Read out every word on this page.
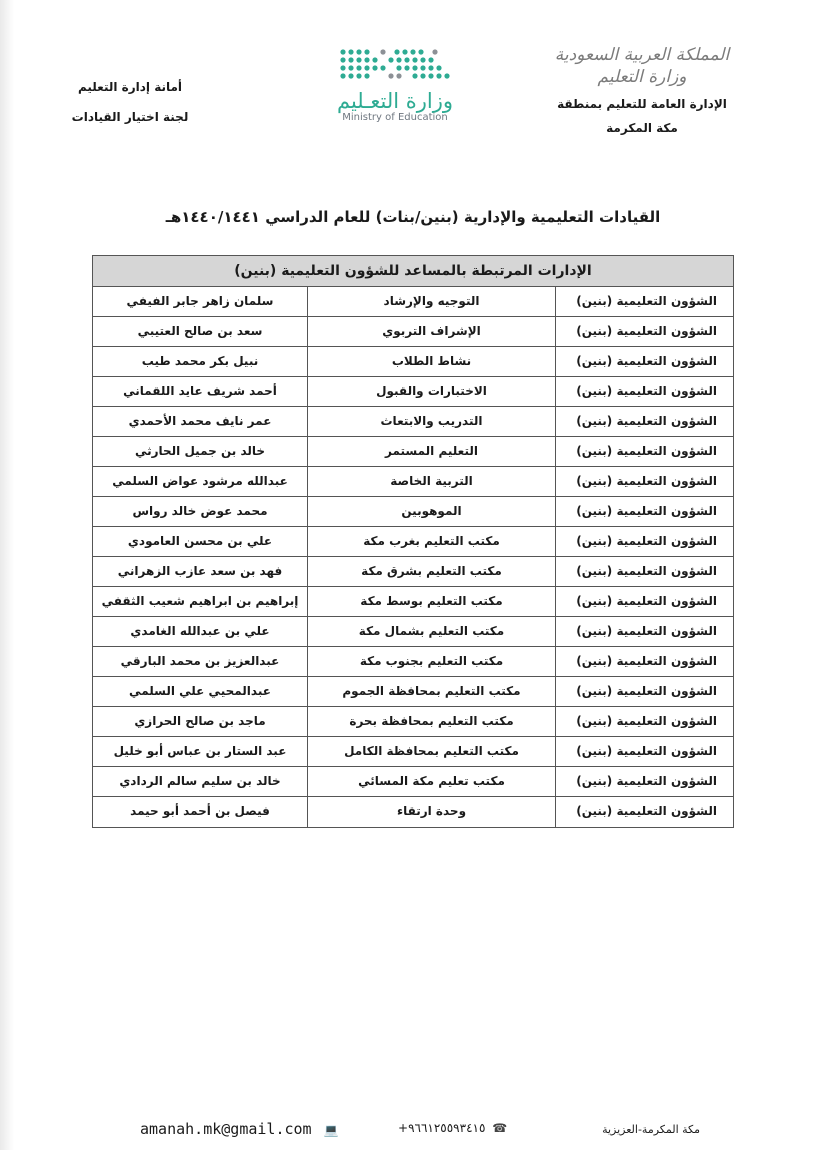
المملكة العربية السعودية
وزارة التعليم
الإدارة العامة للتعليم بمنطقة
مكة المكرمة
وزارة التعـليم
Ministry of Education
أمانة إدارة التعليم
لجنة اختيار القيادات
القيادات التعليمية والإدارية (بنين/بنات) للعام الدراسي ١٤٤٠/١٤٤١هـ
الإدارات المرتبطة بالمساعد للشؤون التعليمية (بنين)
الشؤون التعليمية (بنين)
التوجيه والإرشاد
سلمان زاهر جابر الفيفي
الشؤون التعليمية (بنين)
الإشراف التربوي
سعد بن صالح العتيبي
الشؤون التعليمية (بنين)
نشاط الطلاب
نبيل بكر محمد طيب
الشؤون التعليمية (بنين)
الاختبارات والقبول
أحمد شريف عايد اللقماني
الشؤون التعليمية (بنين)
التدريب والابتعاث
عمر نايف محمد الأحمدي
الشؤون التعليمية (بنين)
التعليم المستمر
خالد بن جميل الحارثي
الشؤون التعليمية (بنين)
التربية الخاصة
عبدالله مرشود عواض السلمي
الشؤون التعليمية (بنين)
الموهوبين
محمد عوض خالد رواس
الشؤون التعليمية (بنين)
مكتب التعليم بغرب مكة
علي بن محسن العامودي
الشؤون التعليمية (بنين)
مكتب التعليم بشرق مكة
فهد بن سعد عازب الزهراني
الشؤون التعليمية (بنين)
مكتب التعليم بوسط مكة
إبراهيم بن ابراهيم شعيب الثقفي
الشؤون التعليمية (بنين)
مكتب التعليم بشمال مكة
علي بن عبدالله الغامدي
الشؤون التعليمية (بنين)
مكتب التعليم بجنوب مكة
عبدالعزيز بن محمد البارقي
الشؤون التعليمية (بنين)
مكتب التعليم بمحافظة الجموم
عبدالمحيي علي السلمي
الشؤون التعليمية (بنين)
مكتب التعليم بمحافظة بحرة
ماجد بن صالح الحرازي
الشؤون التعليمية (بنين)
مكتب التعليم بمحافظة الكامل
عبد الستار بن عباس أبو خليل
الشؤون التعليمية (بنين)
مكتب تعليم مكة المسائي
خالد بن سليم سالم الردادي
الشؤون التعليمية (بنين)
وحدة ارتقاء
فيصل بن أحمد أبو حيمد
amanah.mk@gmail.com 💻	+٩٦٦١٢٥٥٩٣٤١٥ ☎	مكة المكرمة-العزيزية
